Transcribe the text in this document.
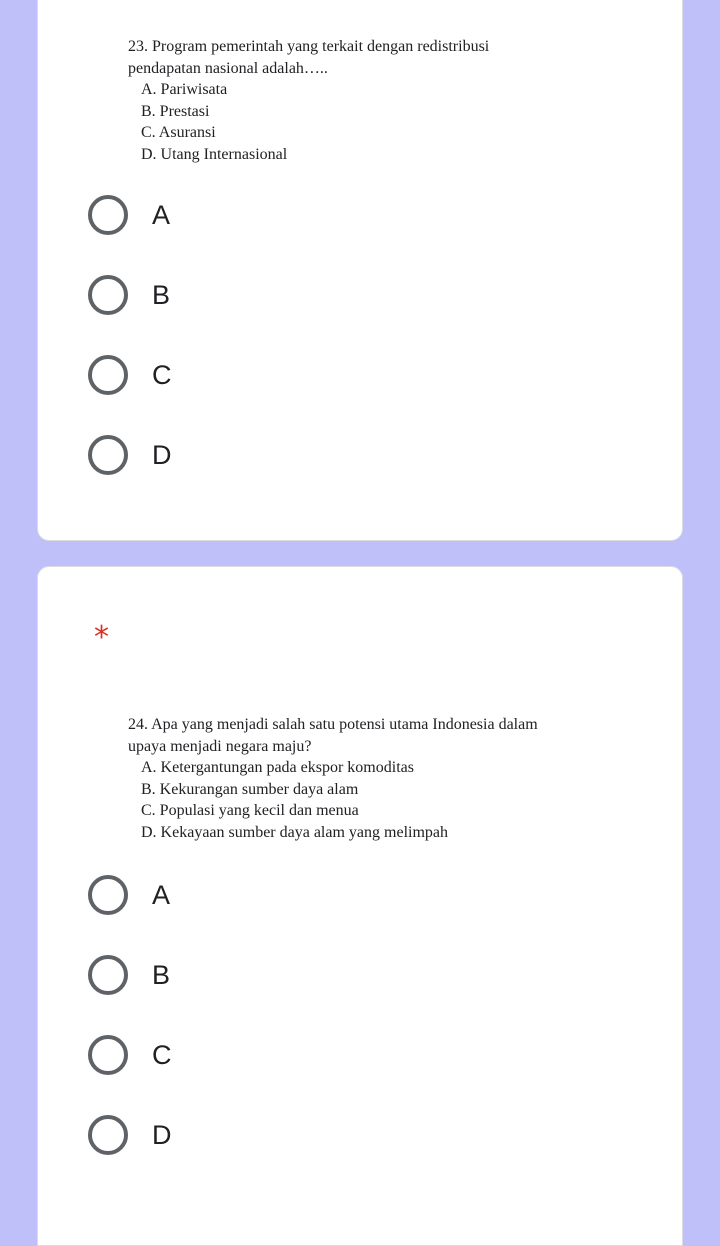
23. Program pemerintah yang terkait dengan redistribusi
pendapatan nasional adalah…..
A. Pariwisata
B. Prestasi
C. Asuransi
D. Utang Internasional
A
B
C
D
*
24. Apa yang menjadi salah satu potensi utama Indonesia dalam
upaya menjadi negara maju?
A. Ketergantungan pada ekspor komoditas
B. Kekurangan sumber daya alam
C. Populasi yang kecil dan menua
D. Kekayaan sumber daya alam yang melimpah
A
B
C
D
